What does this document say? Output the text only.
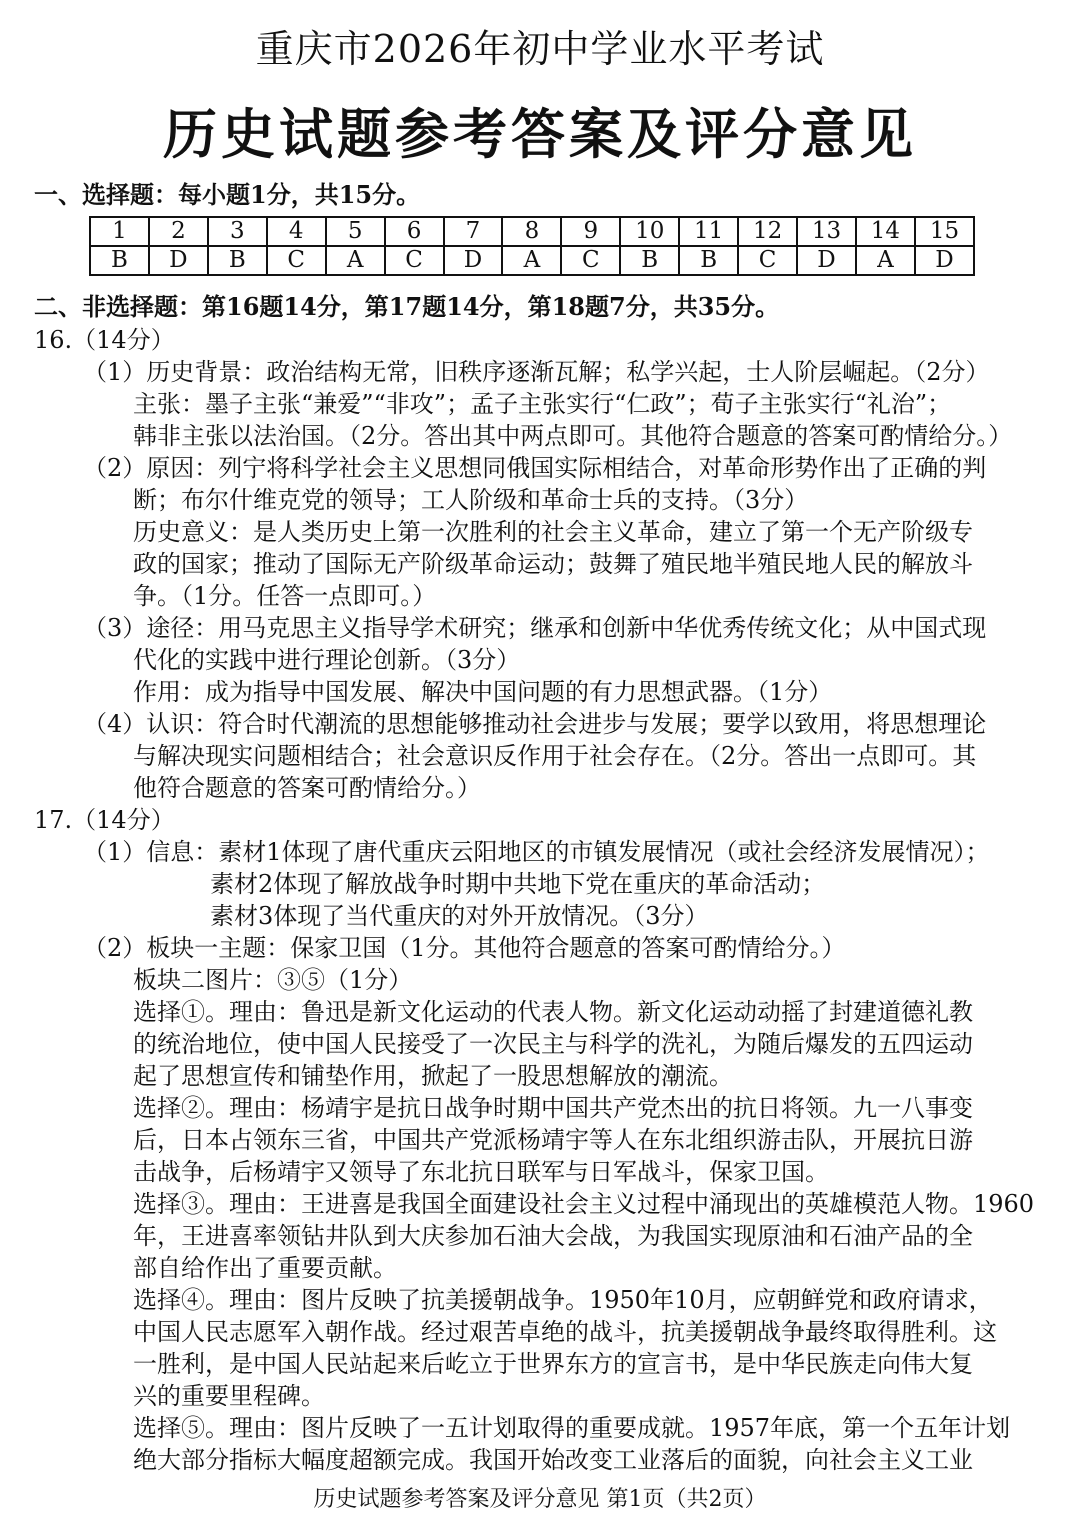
重庆市2026年初中学业水平考试
历史试题参考答案及评分意见
一、选择题：每小题1分，共15分。
1	2	3	4	5	6	7	8	9	10	11	12	13	14	15
B	D	B	C	A	C	D	A	C	B	B	C	D	A	D
二、非选择题：第16题14分，第17题14分，第18题7分，共35分。
16.（14分）
（1）历史背景：政治结构无常，旧秩序逐渐瓦解；私学兴起，士人阶层崛起。（2分）
主张：墨子主张“兼爱”“非攻”；孟子主张实行“仁政”；荀子主张实行“礼治”；
韩非主张以法治国。（2分。答出其中两点即可。其他符合题意的答案可酌情给分。）
（2）原因：列宁将科学社会主义思想同俄国实际相结合，对革命形势作出了正确的判
断；布尔什维克党的领导；工人阶级和革命士兵的支持。（3分）
历史意义：是人类历史上第一次胜利的社会主义革命，建立了第一个无产阶级专
政的国家；推动了国际无产阶级革命运动；鼓舞了殖民地半殖民地人民的解放斗
争。（1分。任答一点即可。）
（3）途径：用马克思主义指导学术研究；继承和创新中华优秀传统文化；从中国式现
代化的实践中进行理论创新。（3分）
作用：成为指导中国发展、解决中国问题的有力思想武器。（1分）
（4）认识：符合时代潮流的思想能够推动社会进步与发展；要学以致用，将思想理论
与解决现实问题相结合；社会意识反作用于社会存在。（2分。答出一点即可。其
他符合题意的答案可酌情给分。）
17.（14分）
（1）信息：素材1体现了唐代重庆云阳地区的市镇发展情况（或社会经济发展情况）；
素材2体现了解放战争时期中共地下党在重庆的革命活动；
素材3体现了当代重庆的对外开放情况。（3分）
（2）板块一主题：保家卫国（1分。其他符合题意的答案可酌情给分。）
板块二图片：③⑤（1分）
选择①。理由：鲁迅是新文化运动的代表人物。新文化运动动摇了封建道德礼教
的统治地位，使中国人民接受了一次民主与科学的洗礼，为随后爆发的五四运动
起了思想宣传和铺垫作用，掀起了一股思想解放的潮流。
选择②。理由：杨靖宇是抗日战争时期中国共产党杰出的抗日将领。九一八事变
后，日本占领东三省，中国共产党派杨靖宇等人在东北组织游击队，开展抗日游
击战争，后杨靖宇又领导了东北抗日联军与日军战斗，保家卫国。
选择③。理由：王进喜是我国全面建设社会主义过程中涌现出的英雄模范人物。1960
年，王进喜率领钻井队到大庆参加石油大会战，为我国实现原油和石油产品的全
部自给作出了重要贡献。
选择④。理由：图片反映了抗美援朝战争。1950年10月，应朝鲜党和政府请求，
中国人民志愿军入朝作战。经过艰苦卓绝的战斗，抗美援朝战争最终取得胜利。这
一胜利，是中国人民站起来后屹立于世界东方的宣言书，是中华民族走向伟大复
兴的重要里程碑。
选择⑤。理由：图片反映了一五计划取得的重要成就。1957年底，第一个五年计划
绝大部分指标大幅度超额完成。我国开始改变工业落后的面貌，向社会主义工业
历史试题参考答案及评分意见 第1页（共2页）
